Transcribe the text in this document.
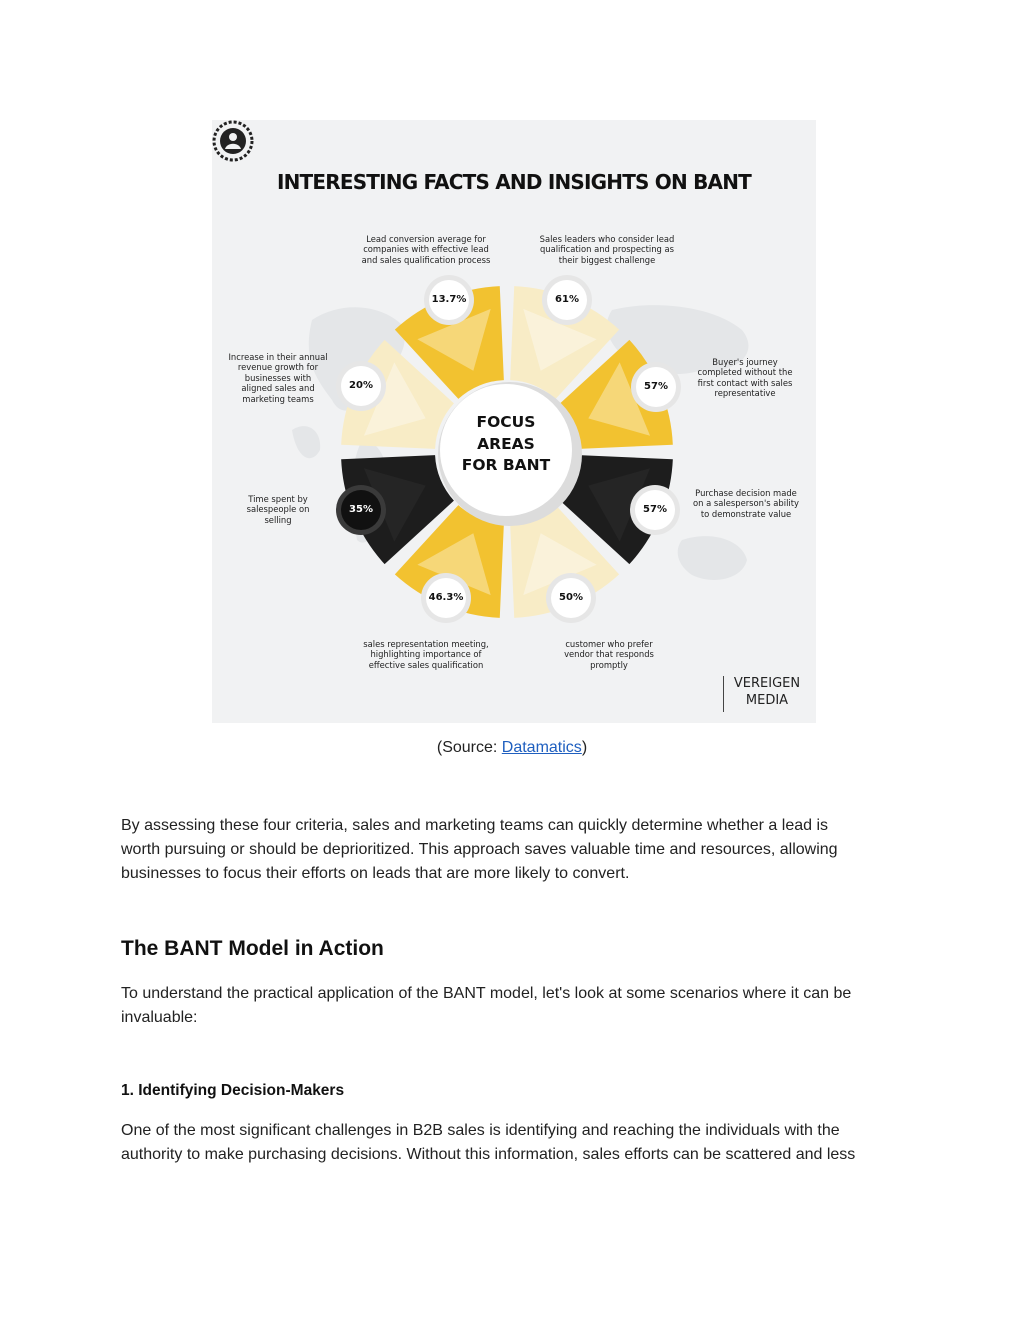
INTERESTING FACTS AND INSIGHTS ON BANT
FOCUS
AREAS
FOR BANT
13.7%	61%
57%
57%
50%
46.3%
35%
20%
Lead conversion average for
companies with effective lead
and sales qualification process
Sales leaders who consider lead
qualification and prospecting as
their biggest challenge
Buyer's journey
completed without the
first contact with sales
representative
Purchase decision made
on a salesperson's ability
to demonstrate value
customer who prefer
vendor that responds
promptly
sales representation meeting,
highlighting importance of
effective sales qualification
Time spent by
salespeople on
selling
Increase in their annual
revenue growth for
businesses with
aligned sales and
marketing teams
VEREIGEN
MEDIA
(Source: Datamatics)

By assessing these four criteria, sales and marketing teams can quickly determine whether a lead is
worth pursuing or should be deprioritized. This approach saves valuable time and resources, allowing
businesses to focus their efforts on leads that are more likely to convert.

The BANT Model in Action

To understand the practical application of the BANT model, let's look at some scenarios where it can be
invaluable:

1. Identifying Decision-Makers

One of the most significant challenges in B2B sales is identifying and reaching the individuals with the
authority to make purchasing decisions. Without this information, sales efforts can be scattered and less
